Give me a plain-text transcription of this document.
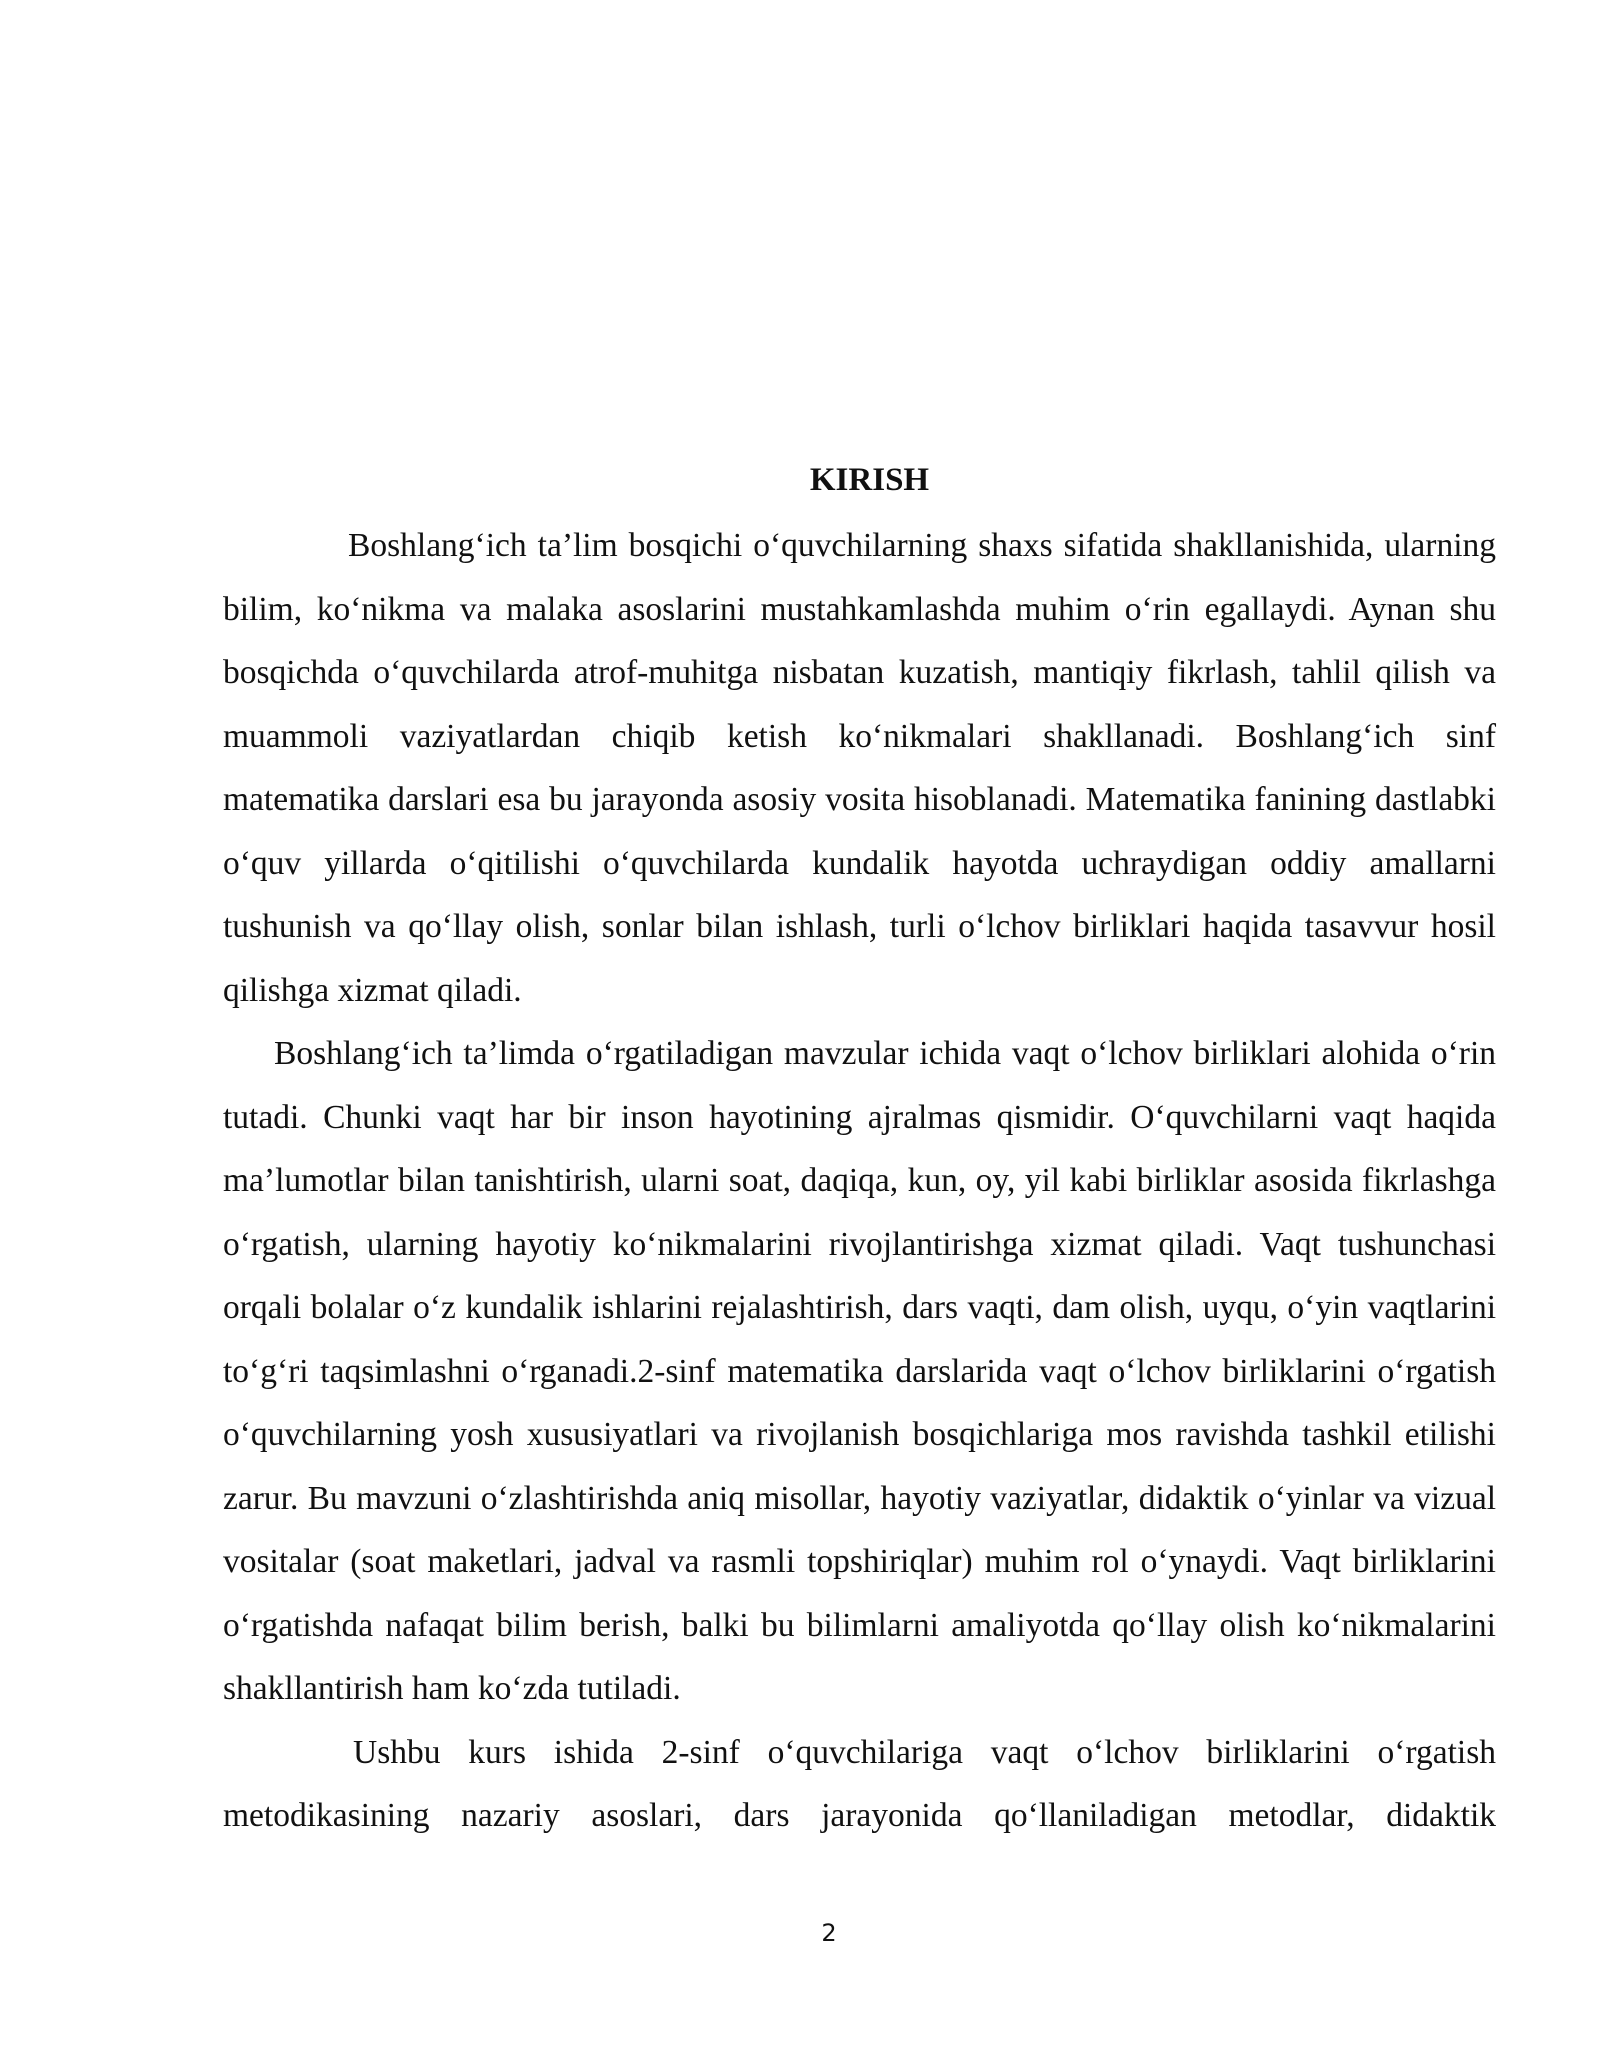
KIRISH

Boshlang‘ich ta’lim bosqichi o‘quvchilarning shaxs sifatida shakllanishida, ularning bilim, ko‘nikma va malaka asoslarini mustahkamlashda muhim o‘rin egallaydi. Aynan shu bosqichda o‘quvchilarda atrof-muhitga nisbatan kuzatish, mantiqiy fikrlash, tahlil qilish va muammoli vaziyatlardan chiqib ketish ko‘nikmalari shakllanadi. Boshlang‘ich sinf matematika darslari esa bu jarayonda asosiy vosita hisoblanadi. Matematika fanining dastlabki o‘quv yillarda o‘qitilishi o‘quvchilarda kundalik hayotda uchraydigan oddiy amallarni tushunish va qo‘llay olish, sonlar bilan ishlash, turli o‘lchov birliklari haqida tasavvur hosil qilishga xizmat qiladi.

Boshlang‘ich ta’limda o‘rgatiladigan mavzular ichida vaqt o‘lchov birliklari alohida o‘rin tutadi. Chunki vaqt har bir inson hayotining ajralmas qismidir. O‘quvchilarni vaqt haqida ma’lumotlar bilan tanishtirish, ularni soat, daqiqa, kun, oy, yil kabi birliklar asosida fikrlashga o‘rgatish, ularning hayotiy ko‘nikmalarini rivojlantirishga xizmat qiladi. Vaqt tushunchasi orqali bolalar o‘z kundalik ishlarini rejalashtirish, dars vaqti, dam olish, uyqu, o‘yin vaqtlarini to‘g‘ri taqsimlashni o‘rganadi.2-sinf matematika darslarida vaqt o‘lchov birliklarini o‘rgatish o‘quvchilarning yosh xususiyatlari va rivojlanish bosqichlariga mos ravishda tashkil etilishi zarur. Bu mavzuni o‘zlashtirishda aniq misollar, hayotiy vaziyatlar, didaktik o‘yinlar va vizual vositalar (soat maketlari, jadval va rasmli topshiriqlar) muhim rol o‘ynaydi. Vaqt birliklarini o‘rgatishda nafaqat bilim berish, balki bu bilimlarni amaliyotda qo‘llay olish ko‘nikmalarini shakllantirish ham ko‘zda tutiladi.

Ushbu kurs ishida 2-sinf o‘quvchilariga vaqt o‘lchov birliklarini o‘rgatish metodikasining nazariy asoslari, dars jarayonida qo‘llaniladigan metodlar, didaktik

2
